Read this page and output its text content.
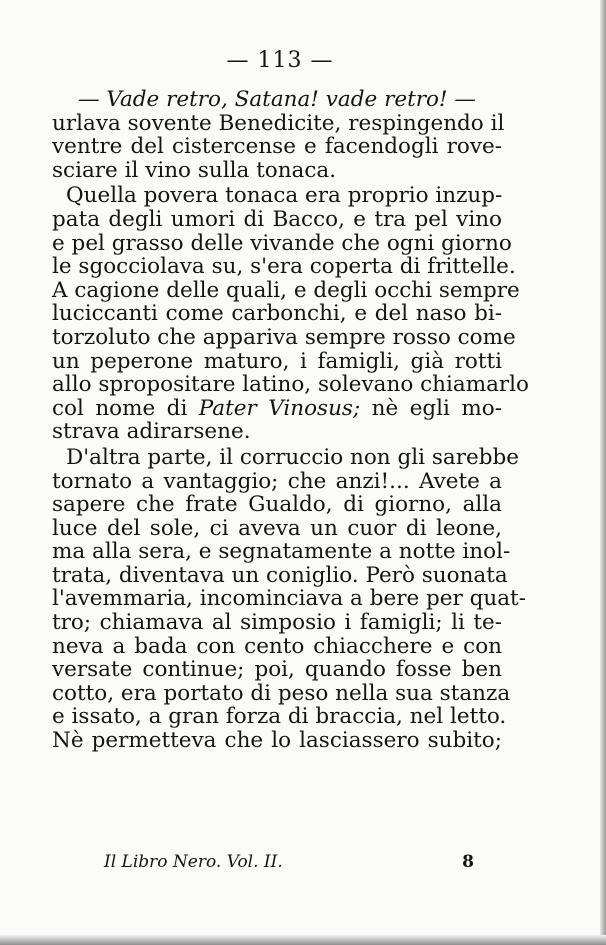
— 113 —
— Vade retro, Satana! vade retro! —
urlava sovente Benedicite, respingendo il
ventre del cistercense e facendogli rove-
sciare il vino sulla tonaca.
Quella povera tonaca era proprio inzup-
pata degli umori di Bacco, e tra pel vino
e pel grasso delle vivande che ogni giorno
le sgocciolava su, s'era coperta di frittelle.
A cagione delle quali, e degli occhi sempre
luciccanti come carbonchi, e del naso bi-
torzoluto che appariva sempre rosso come
un peperone maturo, i famigli, già rotti
allo spropositare latino, solevano chiamarlo
col nome di Pater Vinosus; nè egli mo-
strava adirarsene.
D'altra parte, il corruccio non gli sarebbe
tornato a vantaggio; che anzi!... Avete a
sapere che frate Gualdo, di giorno, alla
luce del sole, ci aveva un cuor di leone,
ma alla sera, e segnatamente a notte inol-
trata, diventava un coniglio. Però suonata
l'avemmaria, incominciava a bere per quat-
tro; chiamava al simposio i famigli; li te-
neva a bada con cento chiacchere e con
versate continue; poi, quando fosse ben
cotto, era portato di peso nella sua stanza
e issato, a gran forza di braccia, nel letto.
Nè permetteva che lo lasciassero subito;
Il Libro Nero. Vol. II.	8
